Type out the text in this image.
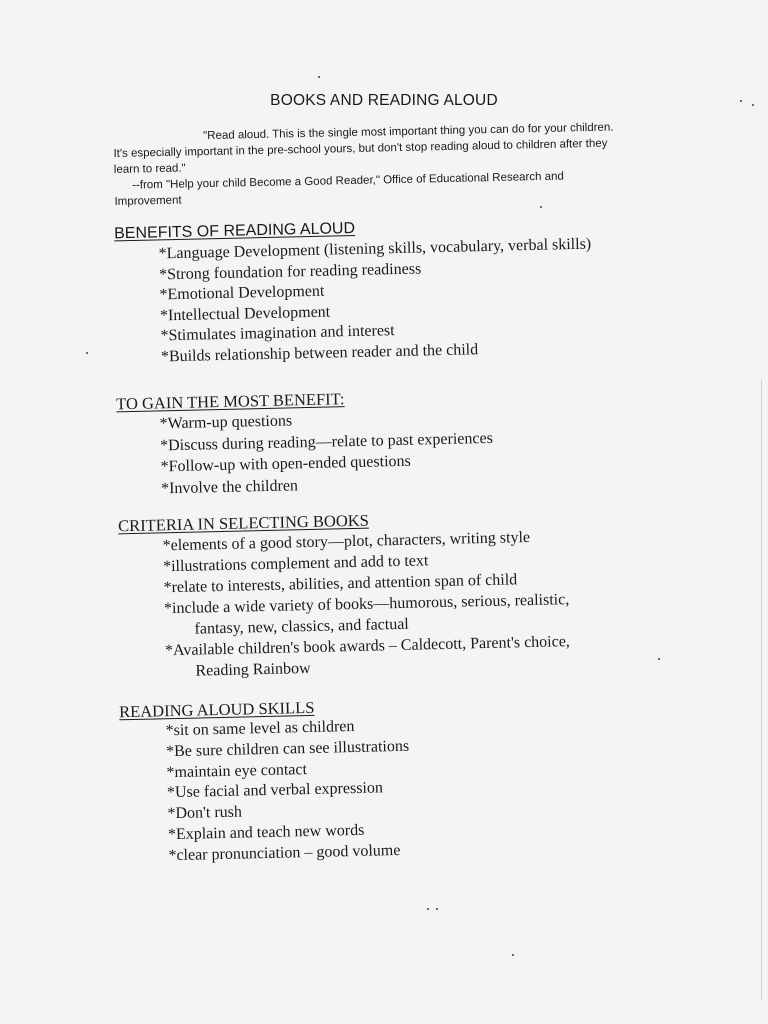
BOOKS AND READING ALOUD

"Read aloud. This is the single most important thing you can do for your children.

It's especially important in the pre-school yours, but don't stop reading aloud to children after they

learn to read."

--from "Help your child Become a Good Reader," Office of Educational Research and

Improvement

BENEFITS OF READING ALOUD
*Language Development (listening skills, vocabulary, verbal skills)
*Strong foundation for reading readiness
*Emotional Development
*Intellectual Development
*Stimulates imagination and interest
*Builds relationship between reader and the child
TO GAIN THE MOST BENEFIT:
*Warm-up questions
*Discuss during reading—relate to past experiences
*Follow-up with open-ended questions
*Involve the children
CRITERIA IN SELECTING BOOKS
*elements of a good story—plot, characters, writing style
*illustrations complement and add to text
*relate to interests, abilities, and attention span of child
*include a wide variety of books—humorous, serious, realistic,
fantasy, new, classics, and factual
*Available children's book awards – Caldecott, Parent's choice,
Reading Rainbow
READING ALOUD SKILLS
*sit on same level as children
*Be sure children can see illustrations
*maintain eye contact
*Use facial and verbal expression
*Don't rush
*Explain and teach new words
*clear pronunciation – good volume
